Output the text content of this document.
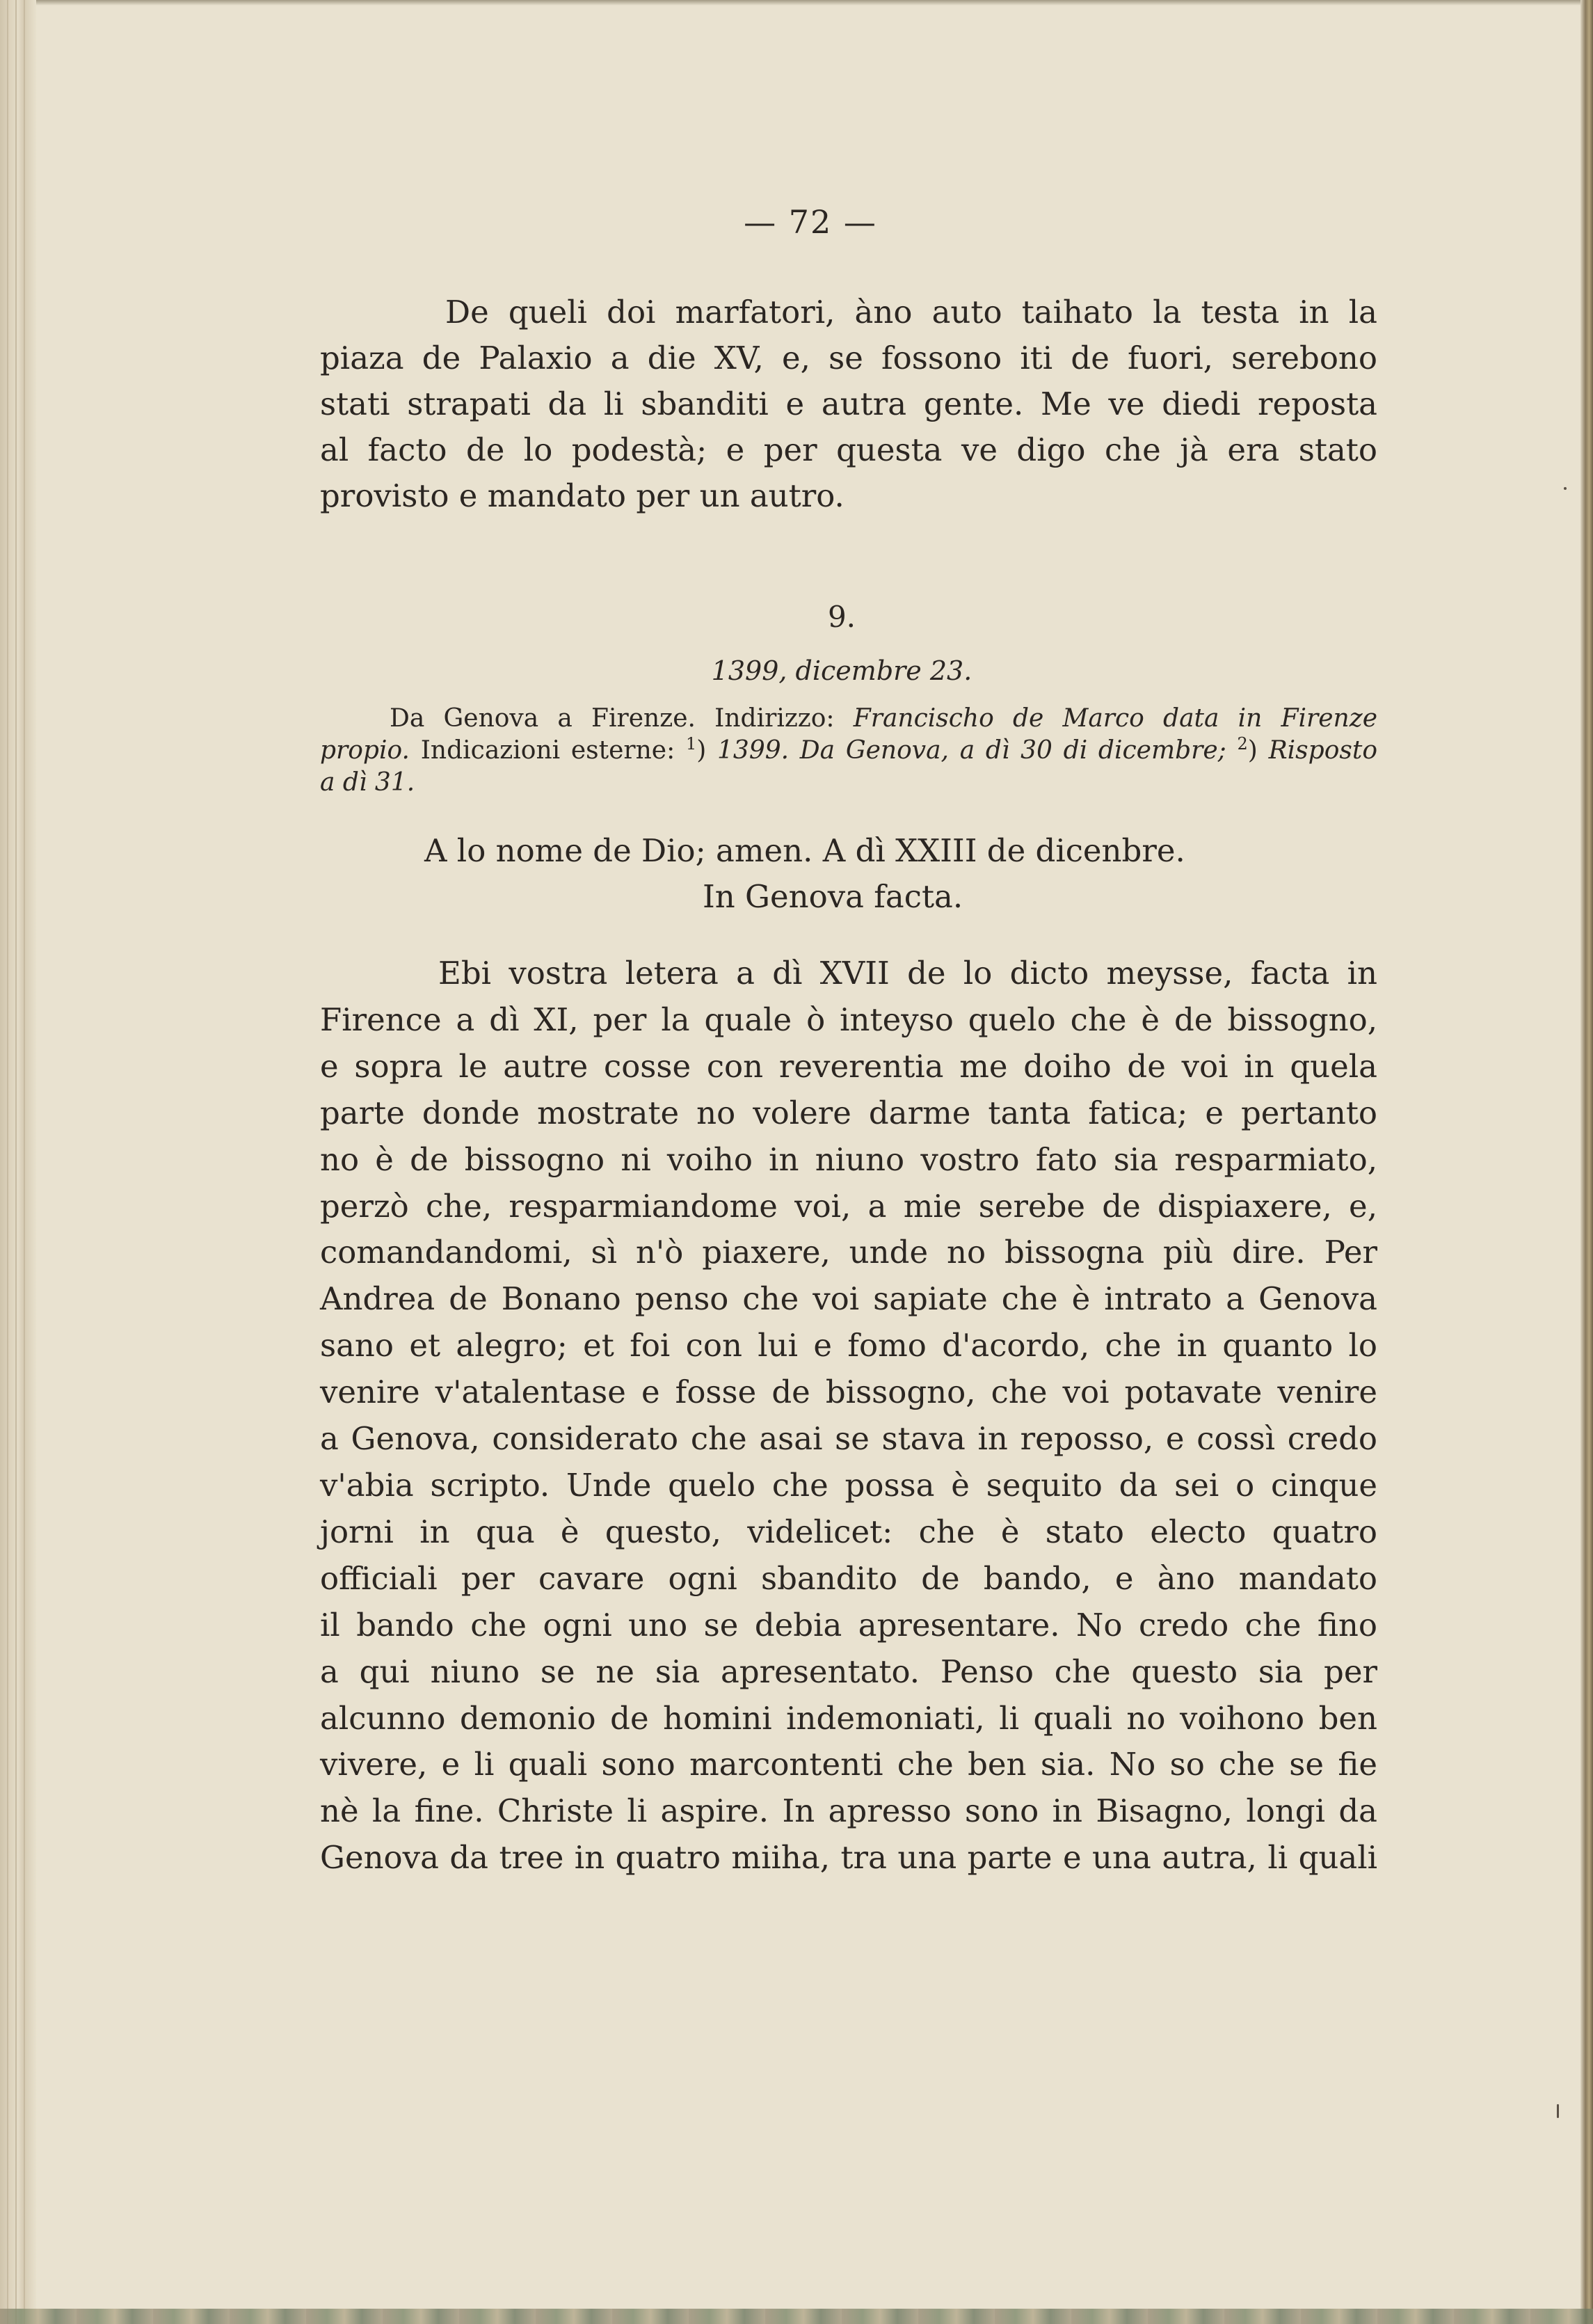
— 72 —
De queli doi marfatori, àno auto taihato la testa in la
piaza de Palaxio a die XV, e, se fossono iti de fuori, serebono
stati strapati da li sbanditi e autra gente. Me ve diedi reposta
al facto de lo podestà; e per questa ve digo che jà era stato
provisto e mandato per un autro.
9.
1399, dicembre 23.
Da Genova a Firenze. Indirizzo: Francischo de Marco data in Firenze
propio. Indicazioni esterne: $^1$) 1399. Da Genova, a dì 30 di dicembre; $^2$) Risposto
a dì 31.
A lo nome de Dio; amen. A dì XXIII de dicenbre.
In Genova facta.
Ebi vostra letera a dì XVII de lo dicto meysse, facta in
Firence a dì XI, per la quale ò inteyso quelo che è de bissogno,
e sopra le autre cosse con reverentia me doiho de voi in quela
parte donde mostrate no volere darme tanta fatica; e pertanto
no è de bissogno ni voiho in niuno vostro fato sia resparmiato,
perzò che, resparmiandome voi, a mie serebe de dispiaxere, e,
comandandomi, sì n'ò piaxere, unde no bissogna più dire. Per
Andrea de Bonano penso che voi sapiate che è intrato a Genova
sano et alegro; et foi con lui e fomo d'acordo, che in quanto lo
venire v'atalentase e fosse de bissogno, che voi potavate venire
a Genova, considerato che asai se stava in reposso, e cossì credo
v'abia scripto. Unde quelo che possa è sequito da sei o cinque
jorni in qua è questo, videlicet: che è stato electo quatro
officiali per cavare ogni sbandito de bando, e àno mandato
il bando che ogni uno se debia apresentare. No credo che fino
a qui niuno se ne sia apresentato. Penso che questo sia per
alcunno demonio de homini indemoniati, li quali no voihono ben
vivere, e li quali sono marcontenti che ben sia. No so che se fie
nè la fine. Christe li aspire. In apresso sono in Bisagno, longi da
Genova da tree in quatro miiha, tra una parte e una autra, li quali
